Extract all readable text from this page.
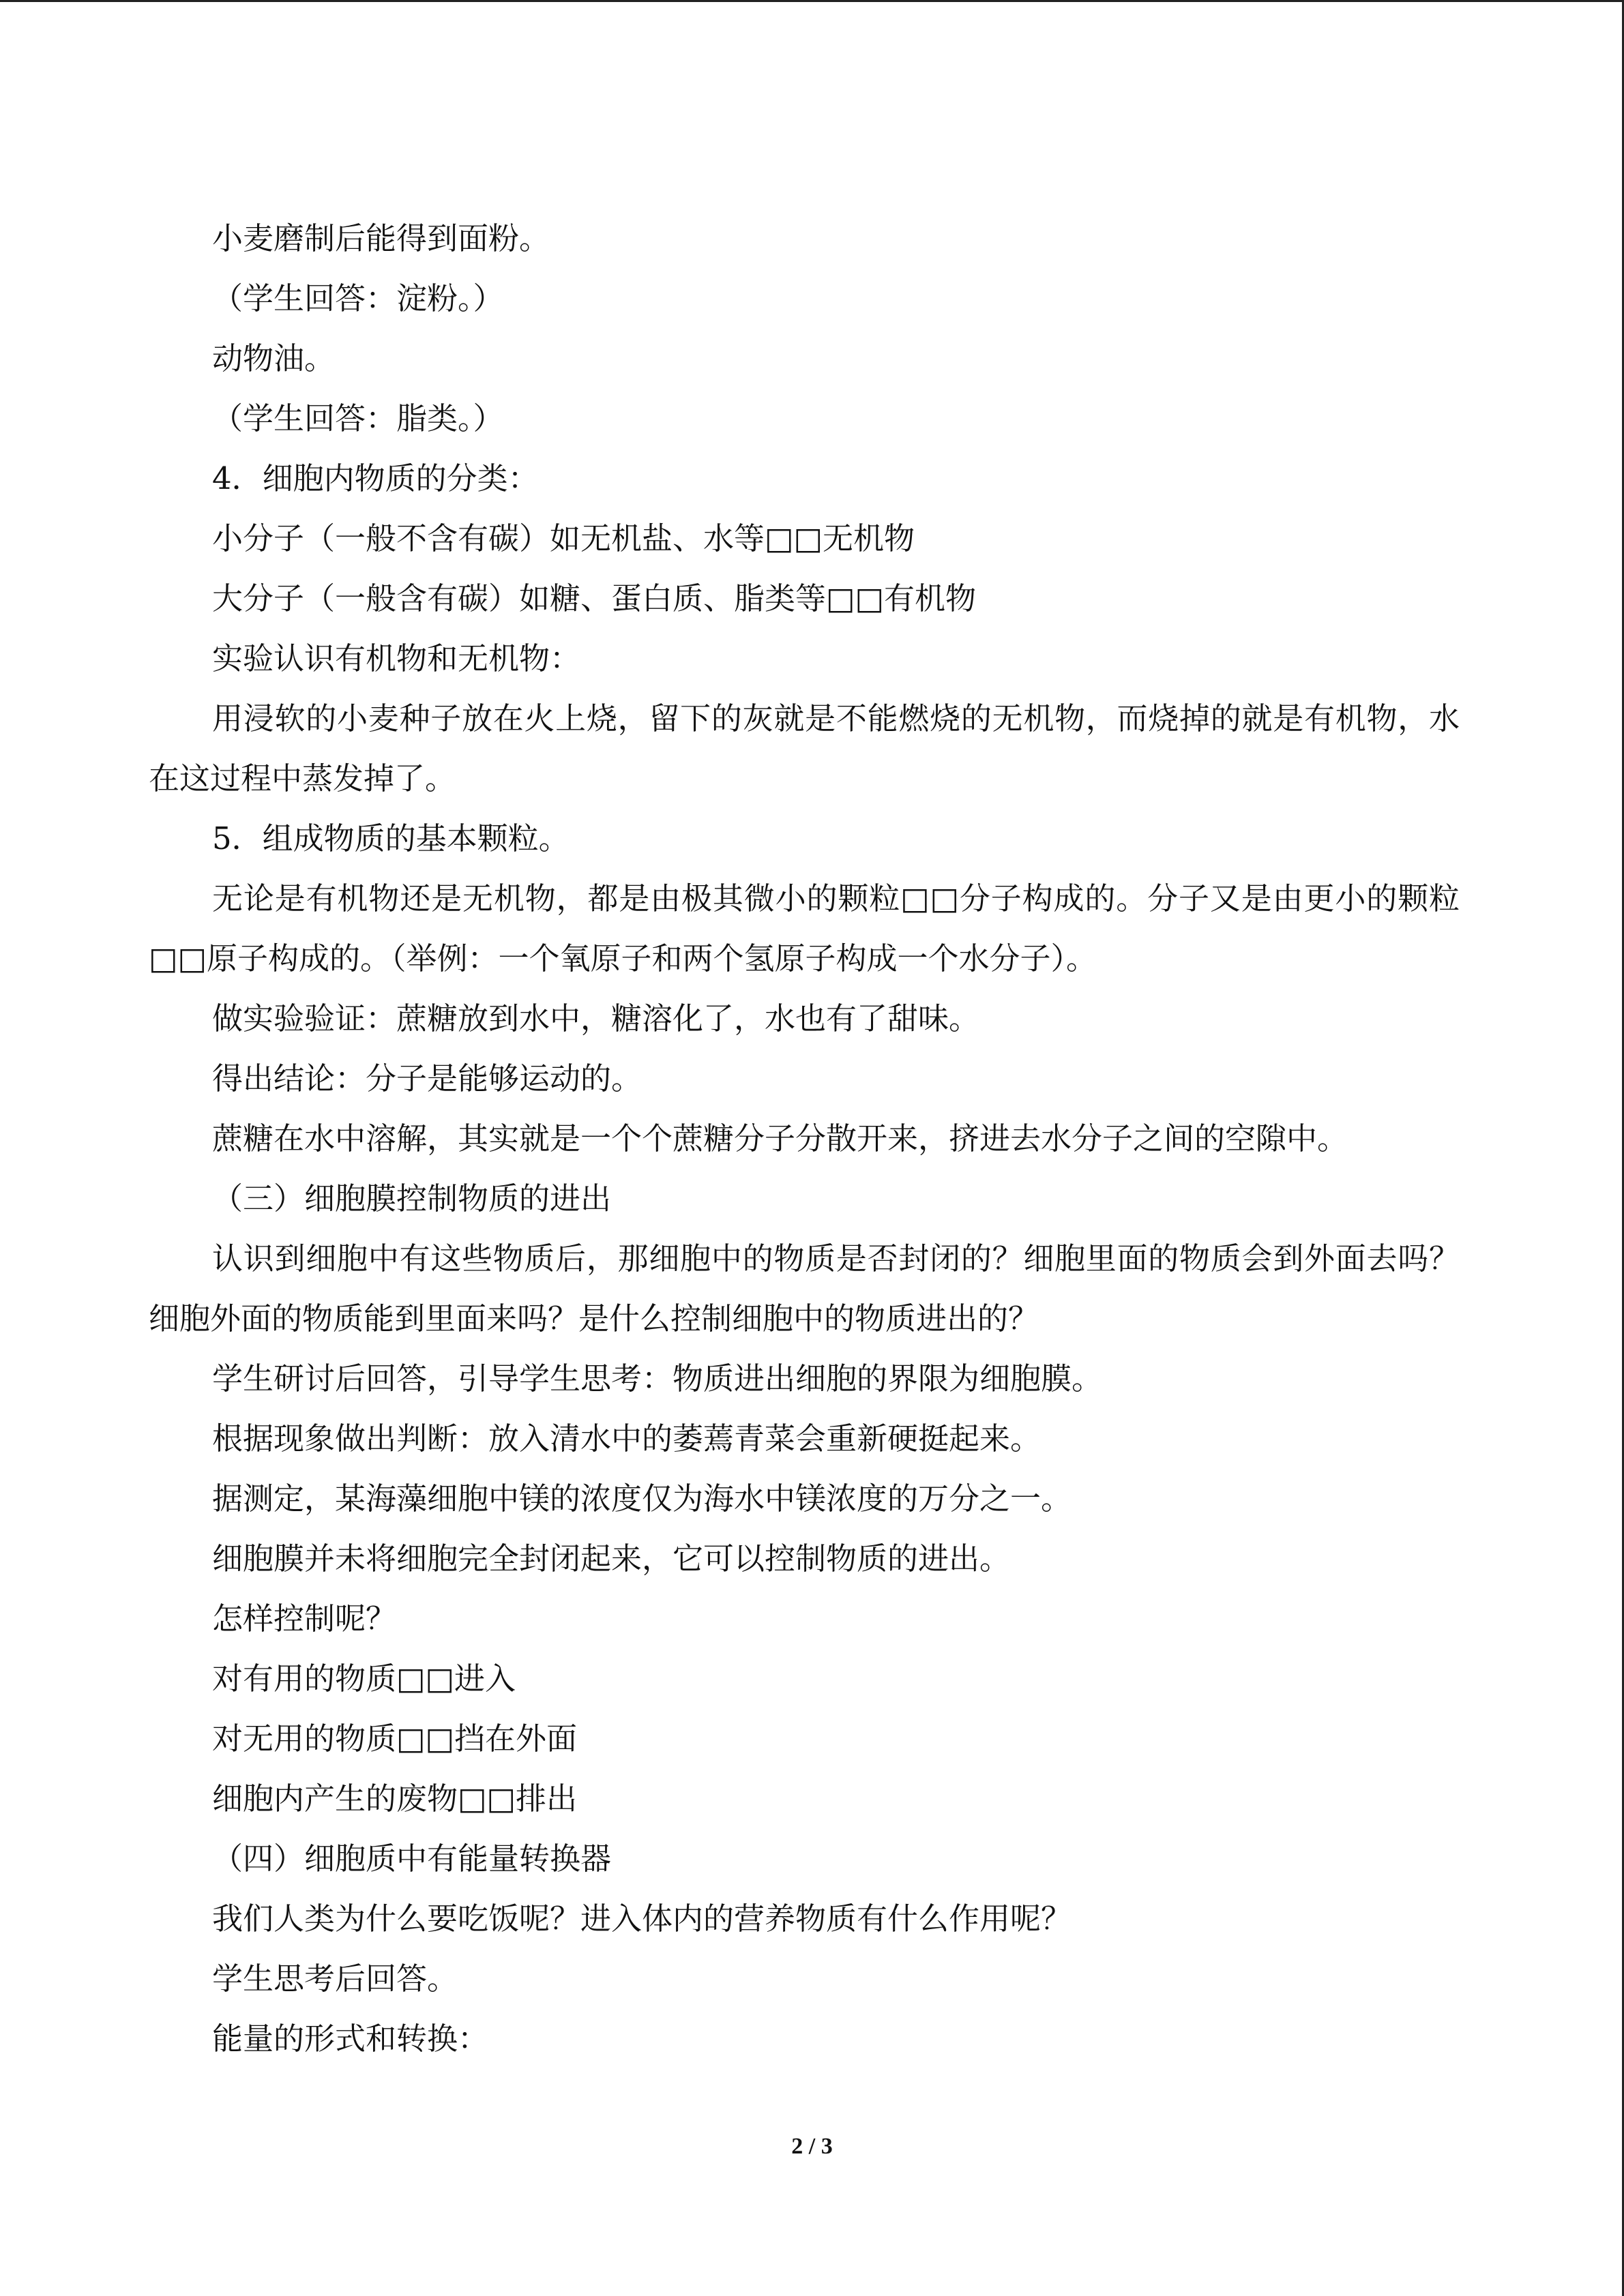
小麦磨制后能得到面粉。

（学生回答：淀粉。）

动物油。

（学生回答：脂类。）

4．细胞内物质的分类：

小分子（一般不含有碳）如无机盐、水等□□无机物

大分子（一般含有碳）如糖、蛋白质、脂类等□□有机物

实验认识有机物和无机物：

用浸软的小麦种子放在火上烧，留下的灰就是不能燃烧的无机物，而烧掉的就是有机物，水在这过程中蒸发掉了。

5．组成物质的基本颗粒。

无论是有机物还是无机物，都是由极其微小的颗粒□□分子构成的。分子又是由更小的颗粒□□原子构成的。（举例：一个氧原子和两个氢原子构成一个水分子）。

做实验验证：蔗糖放到水中，糖溶化了，水也有了甜味。

得出结论：分子是能够运动的。

蔗糖在水中溶解，其实就是一个个蔗糖分子分散开来，挤进去水分子之间的空隙中。

（三）细胞膜控制物质的进出

认识到细胞中有这些物质后，那细胞中的物质是否封闭的？细胞里面的物质会到外面去吗？细胞外面的物质能到里面来吗？是什么控制细胞中的物质进出的？

学生研讨后回答，引导学生思考：物质进出细胞的界限为细胞膜。

根据现象做出判断：放入清水中的萎蔫青菜会重新硬挺起来。

据测定，某海藻细胞中镁的浓度仅为海水中镁浓度的万分之一。

细胞膜并未将细胞完全封闭起来，它可以控制物质的进出。

怎样控制呢？

对有用的物质□□进入

对无用的物质□□挡在外面

细胞内产生的废物□□排出

（四）细胞质中有能量转换器

我们人类为什么要吃饭呢？进入体内的营养物质有什么作用呢？

学生思考后回答。

能量的形式和转换：

2 / 3
